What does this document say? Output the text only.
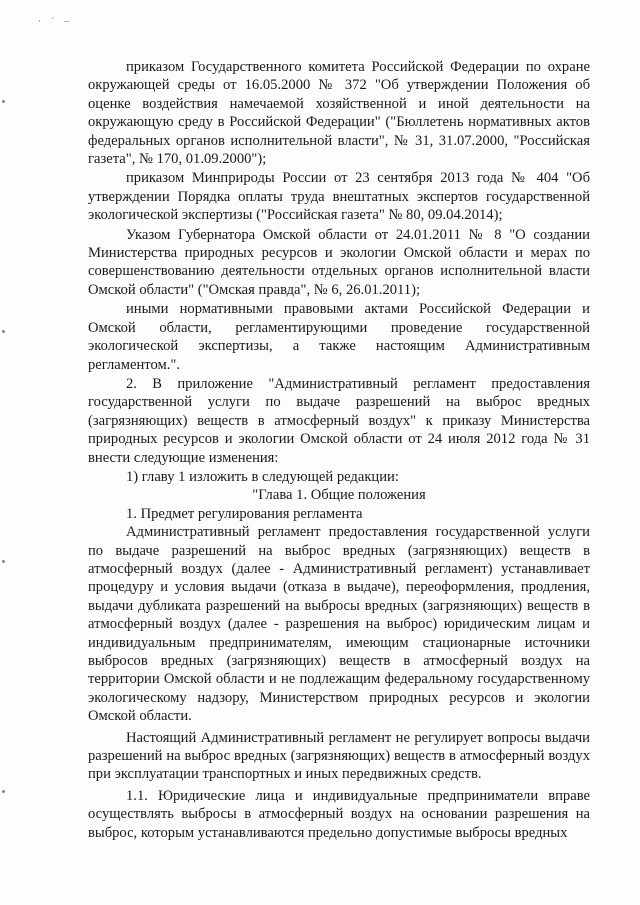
· ´ ‒

приказом Государственного комитета Российской Федерации по охране окружающей среды от 16.05.2000 № 372 "Об утверждении Положения об оценке воздействия намечаемой хозяйственной и иной деятельности на окружающую среду в Российской Федерации" ("Бюллетень нормативных актов федеральных органов исполнительной власти", № 31, 31.07.2000, "Российская газета", № 170, 01.09.2000");

приказом Минприроды России от 23 сентября 2013 года № 404 "Об утверждении Порядка оплаты труда внештатных экспертов государственной экологической экспертизы ("Российская газета" № 80, 09.04.2014);

Указом Губернатора Омской области от 24.01.2011 № 8 "О создании Министерства природных ресурсов и экологии Омской области и мерах по совершенствованию деятельности отдельных органов исполнительной власти Омской области" ("Омская правда", № 6, 26.01.2011);

иными нормативными правовыми актами Российской Федерации и Омской области, регламентирующими проведение государственной экологической экспертизы, а также настоящим Административным регламентом.".

2. В приложение "Административный регламент предоставления государственной услуги по выдаче разрешений на выброс вредных (загрязняющих) веществ в атмосферный воздух" к приказу Министерства природных ресурсов и экологии Омской области от 24 июля 2012 года № 31 внести следующие изменения:

1) главу 1 изложить в следующей редакции:

"Глава 1. Общие положения

1. Предмет регулирования регламента

Административный регламент предоставления государственной услуги по выдаче разрешений на выброс вредных (загрязняющих) веществ в атмосферный воздух (далее - Административный регламент) устанавливает процедуру и условия выдачи (отказа в выдаче), переоформления, продления, выдачи дубликата разрешений на выбросы вредных (загрязняющих) веществ в атмосферный воздух (далее - разрешения на выброс) юридическим лицам и индивидуальным предпринимателям, имеющим стационарные источники выбросов вредных (загрязняющих) веществ в атмосферный воздух на территории Омской области и не подлежащим федеральному государственному экологическому надзору, Министерством природных ресурсов и экологии Омской области.

Настоящий Административный регламент не регулирует вопросы выдачи разрешений на выброс вредных (загрязняющих) веществ в атмосферный воздух при эксплуатации транспортных и иных передвижных средств.

1.1. Юридические лица и индивидуальные предприниматели вправе осуществлять выбросы в атмосферный воздух на основании разрешения на выброс, которым устанавливаются предельно допустимые выбросы вредных
